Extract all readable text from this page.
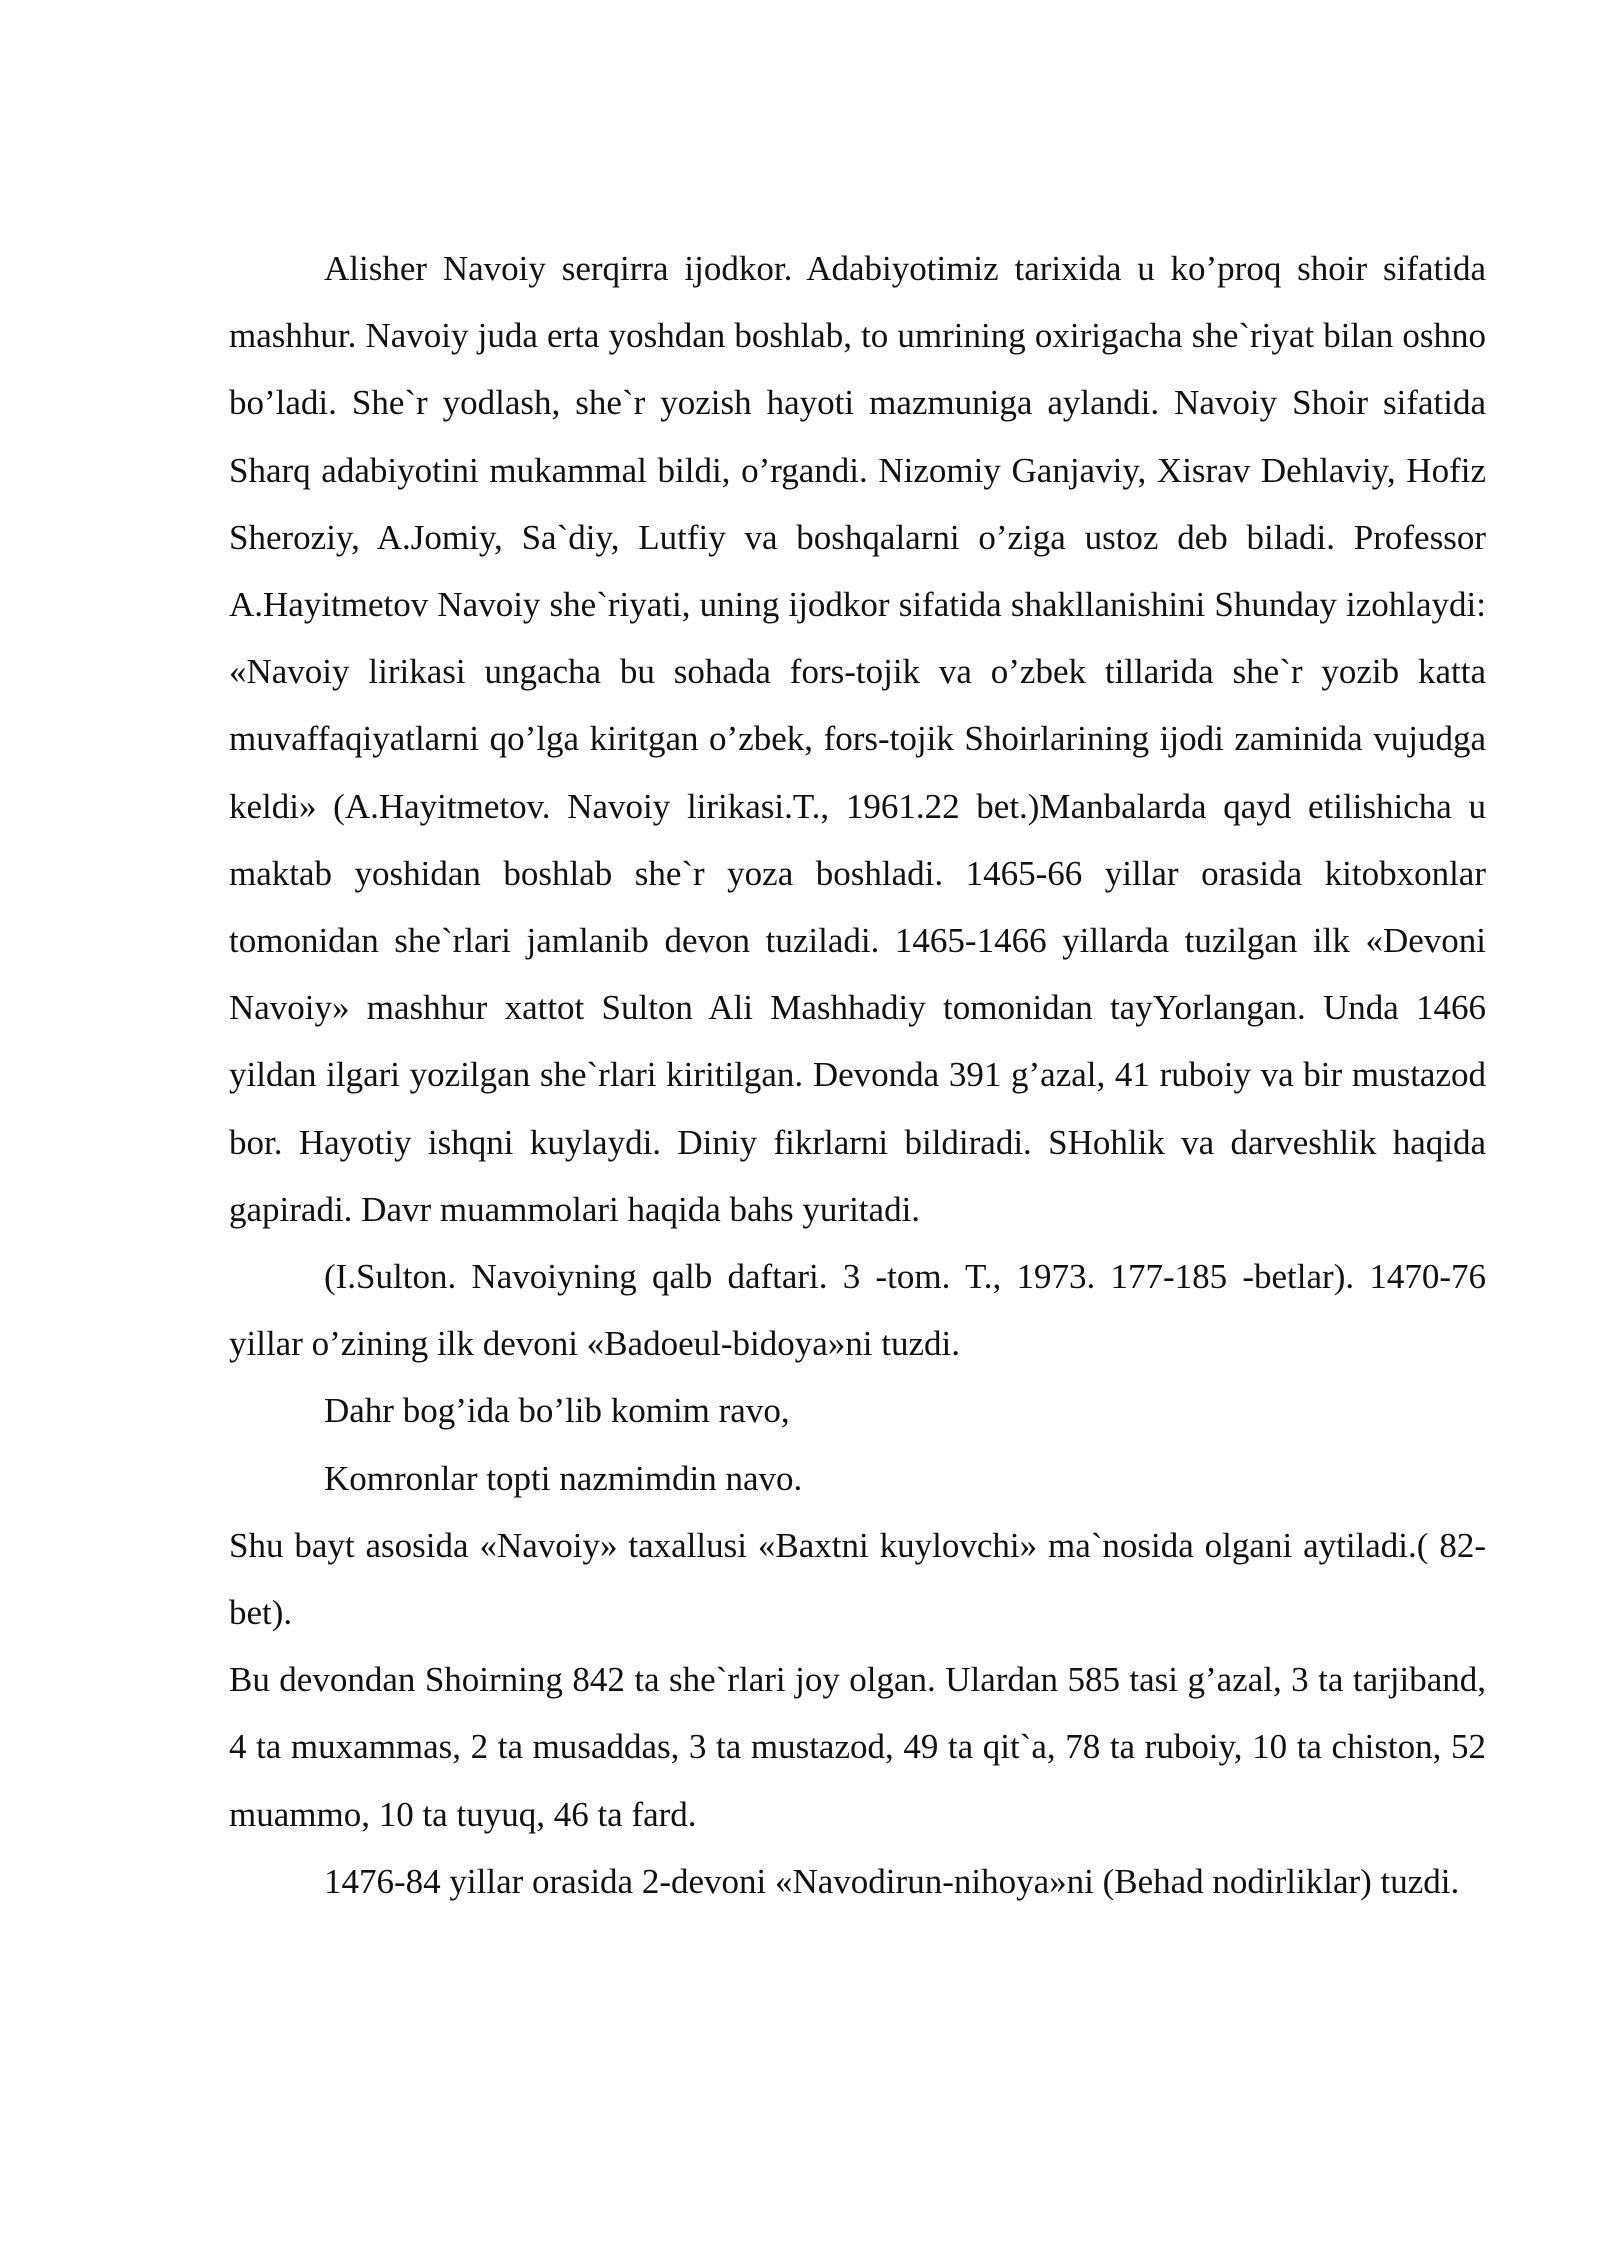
Alisher Navoiy serqirra ijodkor. Adabiyotimiz tarixida u ko’proq shoir sifatida mashhur. Navoiy juda erta yoshdan boshlab, to umrining oxirigacha she`riyat bilan oshno bo’ladi. She`r yodlash, she`r yozish hayoti mazmuniga aylandi. Navoiy Shoir sifatida Sharq adabiyotini mukammal bildi, o’rgandi. Nizomiy Ganjaviy, Xisrav Dehlaviy, Hofiz Sheroziy, A.Jomiy, Sa`diy, Lutfiy va boshqalarni o’ziga ustoz deb biladi. Professor A.Hayitmetov Navoiy she`riyati, uning ijodkor sifatida shakllanishini Shunday izohlaydi: «Navoiy lirikasi ungacha bu sohada fors-tojik va o’zbek tillarida she`r yozib katta muvaffaqiyatlarni qo’lga kiritgan o’zbek, fors-tojik Shoirlarining ijodi zaminida vujudga keldi» (A.Hayitmetov. Navoiy lirikasi.T., 1961.22 bet.)Manbalarda qayd etilishicha u maktab yoshidan boshlab she`r yoza boshladi. 1465-66 yillar orasida kitobxonlar tomonidan she`rlari jamlanib devon tuziladi. 1465-1466 yillarda tuzilgan ilk «Devoni Navoiy» mashhur xattot Sulton Ali Mashhadiy tomonidan tayYorlangan. Unda 1466 yildan ilgari yozilgan she`rlari kiritilgan. Devonda 391 g’azal, 41 ruboiy va bir mustazod bor. Hayotiy ishqni kuylaydi. Diniy fikrlarni bildiradi. SHohlik va darveshlik haqida gapiradi. Davr muammolari haqida bahs yuritadi.

(I.Sulton. Navoiyning qalb daftari. 3 -tom. T., 1973. 177-185 -betlar). 1470-76 yillar o’zining ilk devoni «Badoeul-bidoya»ni tuzdi.

Dahr bog’ida bo’lib komim ravo,

Komronlar topti nazmimdin navo.

Shu bayt asosida «Navoiy» taxallusi «Baxtni kuylovchi» ma`nosida olgani aytiladi.( 82-bet).

Bu devondan Shoirning 842 ta she`rlari joy olgan. Ulardan 585 tasi g’azal, 3 ta tarjiband, 4 ta muxammas, 2 ta musaddas, 3 ta mustazod, 49 ta qit`a, 78 ta ruboiy, 10 ta chiston, 52 muammo, 10 ta tuyuq, 46 ta fard.

1476-84 yillar orasida 2-devoni «Navodirun-nihoya»ni (Behad nodirliklar) tuzdi.
